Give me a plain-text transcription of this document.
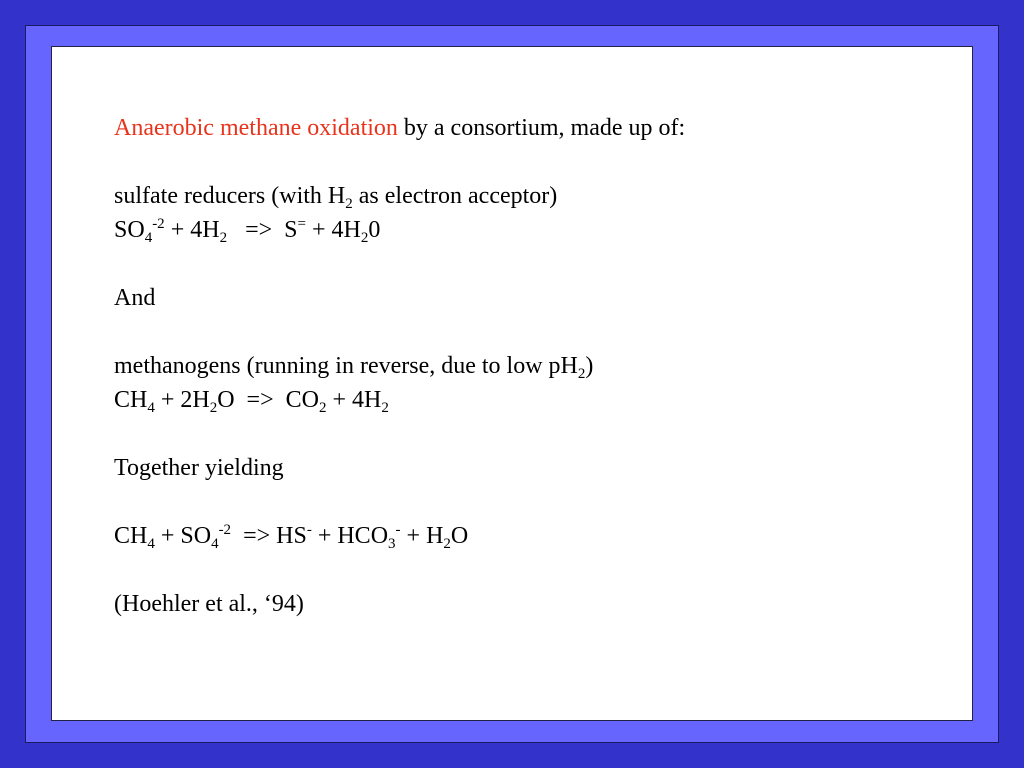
Anaerobic methane oxidation by a consortium, made up of:
sulfate reducers (with $H_2$ as electron acceptor)
$SO_4^{-2} + 4H_2 => S^= + 4H_20$
And
methanogens (running in reverse, due to low $pH_2$)
$CH_4 + 2H_2O => CO_2 + 4H_2$
Together yielding
$CH_4 + SO_4^{-2} => HS^- + HCO_3^- + H_2O$
(Hoehler et al., ‘94)
